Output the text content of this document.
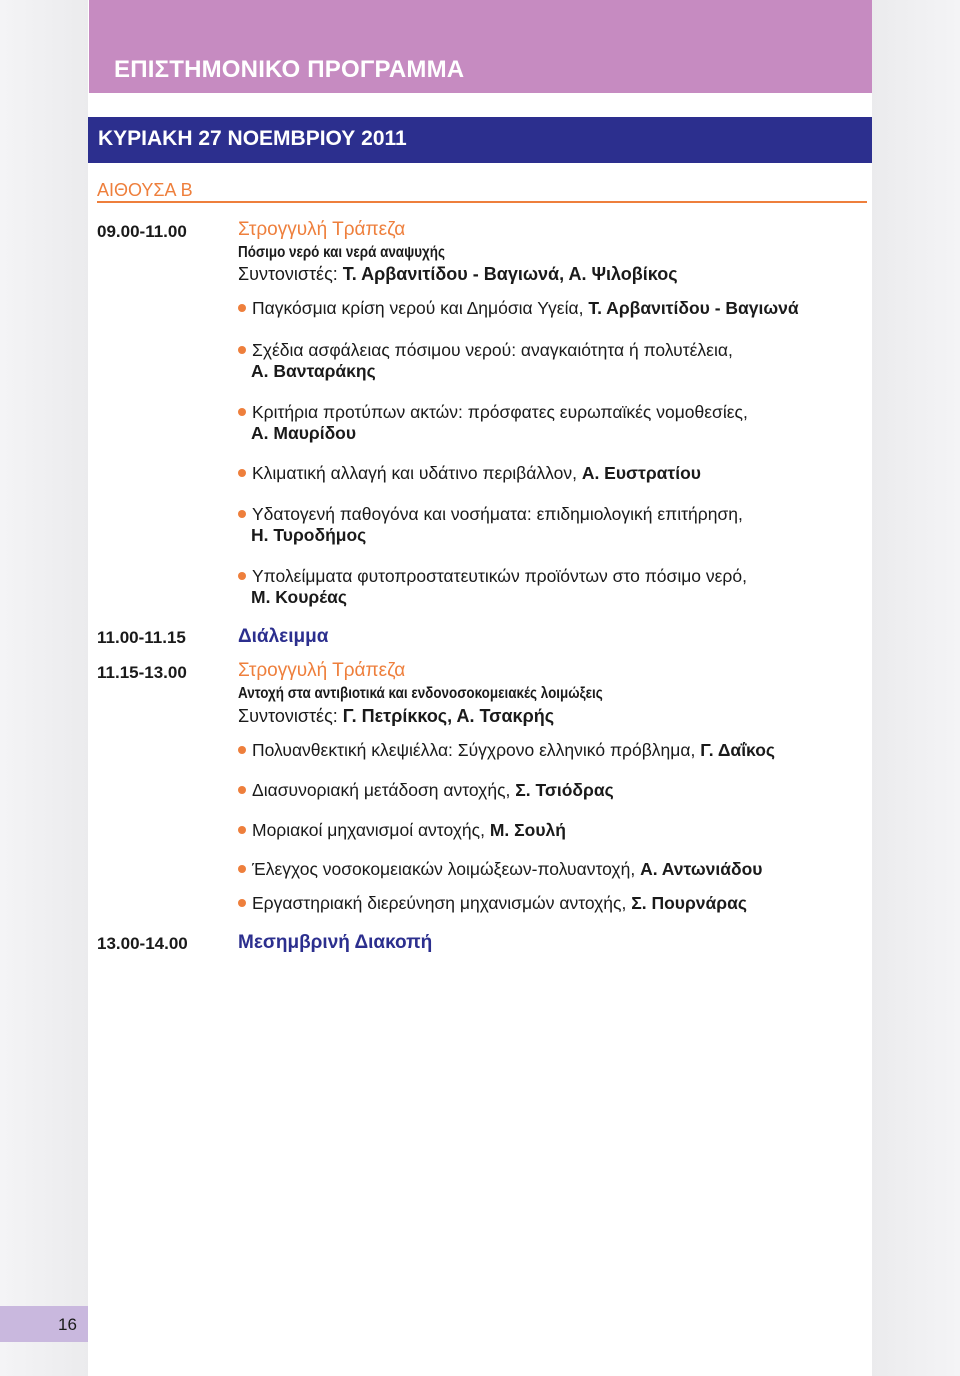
ΕΠΙΣΤΗΜΟΝΙΚΟ ΠΡΟΓΡΑΜΜΑ
ΚΥΡΙΑΚΗ 27 ΝΟΕΜΒΡΙΟΥ 2011
ΑΙΘΟΥΣΑ Β
09.00-11.00	Στρογγυλή Τράπεζα
Πόσιμο νερό και νερά αναψυχής
Συντονιστές: Τ. Αρβανιτίδου - Βαγιωνά, Α. Ψιλοβίκος
Παγκόσμια κρίση νερού και Δημόσια Υγεία, Τ. Αρβανιτίδου - Βαγιωνά
Σχέδια ασφάλειας πόσιμου νερού: αναγκαιότητα ή πολυτέλεια,
Α. Βανταράκης
Κριτήρια προτύπων ακτών: πρόσφατες ευρωπαϊκές νομοθεσίες,
Α. Μαυρίδου
Κλιματική αλλαγή και υδάτινο περιβάλλον, Α. Ευστρατίου
Υδατογενή παθογόνα και νοσήματα: επιδημιολογική επιτήρηση,
Η. Τυροδήμος
Υπολείμματα φυτοπροστατευτικών προϊόντων στο πόσιμο νερό,
Μ. Κουρέας
11.00-11.15	Διάλειμμα
11.15-13.00	Στρογγυλή Τράπεζα
Αντοχή στα αντιβιοτικά και ενδονοσοκομειακές λοιμώξεις
Συντονιστές: Γ. Πετρίκκος, Α. Τσακρής
Πολυανθεκτική κλεψιέλλα: Σύγχρονο ελληνικό πρόβλημα, Γ. Δαΐκος
Διασυνοριακή μετάδοση αντοχής, Σ. Τσιόδρας
Μοριακοί μηχανισμοί αντοχής, Μ. Σουλή
Έλεγχος νοσοκομειακών λοιμώξεων-πολυαντοχή, Α. Αντωνιάδου
Εργαστηριακή διερεύνηση μηχανισμών αντοχής, Σ. Πουρνάρας
13.00-14.00	Μεσημβρινή Διακοπή
16
